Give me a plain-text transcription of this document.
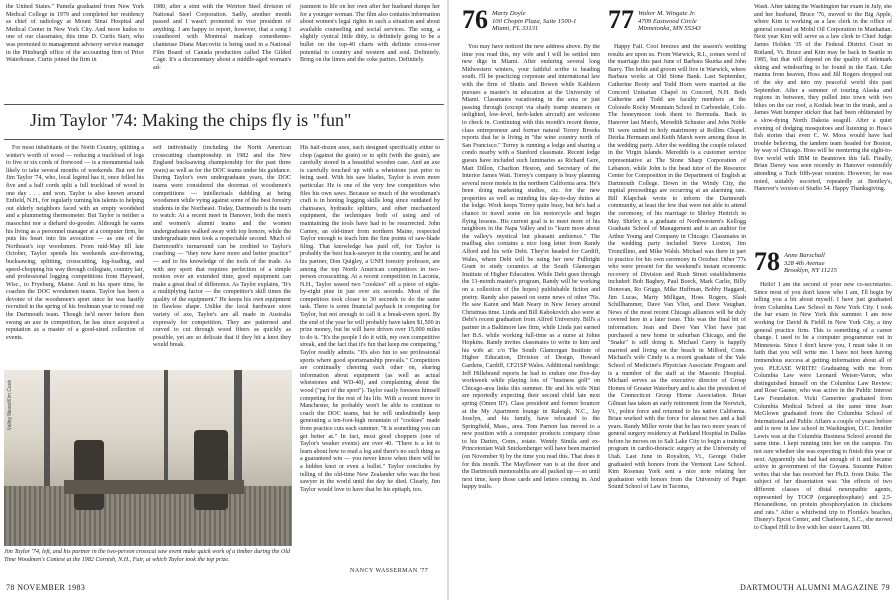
the United States." Pamela graduated from New York Medical College in 1979 and completed her residency as chief of radiology at Mount Sinai Hospital and Medical Center in New York City. And more kudos to one of our classmates, this time D. Curtis Starr, who was promoted to management advisory service manager in the Pittsburgh office of the accounting firm of Price Waterhouse. Curtis joined the firm in

1980, after a stint with the Weirton Steel division of National Steel Corporation. Sadly, another month passed and I wasn't promoted to vice president of anything. I am happy to report, however, that a song I coauthored with Montreal madcap comedienne-chanteuse Diana Marcovitz is being used in a National Film Board of Canada production called The Gilded Cage. It's a documentary about a middle-aged woman's ad-

justment to life on her own after her husband dumps her for a younger woman. The film also contains information about women's legal rights in such a situation and about available counseling and social services. The song, a slightly cynical little ditty, is definitely going to be a bullet on the top-40 charts with definite cross-over potential to country and western and soul. Definitely. Bring on the limos and the coke parties. Definitely.

Jim Taylor '74: Making the chips fly is "fun"

For most inhabitants of the North Country, splitting a winter's worth of wood — reducing a trackload of logs to five or six cords of firewood — is a monumental task likely to take several months of weekends. But not for Jim Taylor '74, who, local legend has it, once felled his five and a half cords split a full truckload of wood in one day . . . and won. Taylor is also known around Enfield, N.H., for regularly turning his talents to helping out elderly neighbors faced with an empty woodshed and a plummeting thermometer. But Taylor is neither a masochist nor a diehard do-gooder. Although he earns his living as a personnel manager at a computer firm, he puts his heart into his avocation — as one of the Northeast's top woodsmen. From mid-May till late October, Taylor spends his weekends axe-throwing, bucksawing, splitting, crosscutting, log-loading, and speed-chopping his way through collegiate, country fair, and professional logging competitions from Hayward, Wisc., to Fryeburg, Maine. And in his spare time, he coaches the DOC woodsmen teams. Taylor has been a devotee of the woodsmen's sport since he was hastily recruited in the spring of his freshman year to round out the Dartmouth team. Though he'd never before then swung an axe in competition, he has since acquired a reputation as a master of a good-sized collection of events.

self individually (including the North American crosscutting championship in 1982 and the New England bucksawing championship for the past three years) as well as for the DOC teams under his guidance. During Taylor's own undergraduate years, the DOC teams were considered the doormat of woodsmen's competitions — intellectuals dabbling at being woodsmen while vying against some of the best forestry students in the Northeast. Today, Dartmouth is the team to watch: At a recent meet in Hanover, both the men's and women's alumni teams and the women undergraduates walked away with top honors, while the undergraduate men took a respectable second. Much of Dartmouth's turnaround can be credited to Taylor's coaching — "they now have more and better practice" — and to his knowledge of the tools of the trade. As with any sport that requires perfection of a simple motion over an extended time, good equipment can make a great deal of difference. As Taylor explains, "It's a multiplying factor — the competitor's skill times the quality of the equipment." He keeps his own equipment in flawless shape. Unlike the local hardware store variety of axe, Taylor's are all made in Australia expressly for competition. They are patterned and curved to cut through wood fibers as quickly as possible, yet are so delicate that if they hit a knot they would break.

His half-dozen axes, each designed specifically either to chop (against the grain) or to split (with the grain), are carefully stored in a beautiful wooden case. And an axe is carefully touched up with a whetstone just prior to being used. With his saw blades, Taylor is even more particular. He is one of the very few competitors who files his own saws. Because so much of the woodsman's craft is in honing logging skills long since outdated by chainsaws, hydraulic splitters, and other mechanized equipment, the techniques both of using and of maintaining the tools have had to be resurrected. John Carney, an old-timer from northern Maine, respected Taylor enough to teach him the fine points of saw-blade filing. That knowledge has paid off, for Taylor is probably the best buck-sawyer in the country, and he and his partner, Don Quigley, a UNH forestry professor, are among the top North American competitors in two-person crosscutting. At a recent competition in Laconia, N.H., Taylor sawed two "cookies" off a piece of eight-by-eight pine in just over six seconds. Most of the competitors took closer to 30 seconds to do the same task. There is some financial payback in competing for Taylor, but not enough to call it a break-even sport. By the end of the year he will probably have taken $1,500 in prize money, but he will have driven over 15,000 miles to do it. "It's the people I do it with, my own competitive streak, and the fact that it's fun that keep me competing," Taylor readily admits. "It's also fun to see professional sports where good sportsmanship prevails." Competitors are continually cheering each other on, sharing information about equipment (as well as actual whetstones and WD-40), and complaining about the wood ("part of the sport"). Taylor easily foresees himself competing for the rest of his life. With a recent move to Manchester, he probably won't be able to continue to coach the DOC teams, but he will undoubtedly keep generating a ten-foot-high mountain of "cookies" made from practice cuts each summer. "It is something you can get better at." In fact, most good choppers (one of Taylor's weaker events) are over 40. "There is a lot to learn about how to read a log and there's no such thing as a guaranteed win — you never know when there will be a hidden knot or even a bullet." Taylor concludes by telling of the old-time New Zealander who was the best sawyer in the world until the day he died. Clearly, Jim Taylor would love to have that be his epitaph, too.

Valley News/Kim Cook
Jim Taylor '74, left, and his partner in the two-person crosscut saw event make quick work of a timber during the Old Time Woodmen's Contest at the 1982 Cornish, N.H., Fair, at which Taylor took the top prize.
NANCY WASSERMAN '77
78 NOVEMBER 1983
76 Marty Doyle
100 Chopin Plaza, Suite 1500-1
Miami, FL 33131

You may have noticed the new address above. By the time you read this, my wife and I will be settled into new digs in Miami. After enduring several long Midwestern winters, your faithful scribe is heading south. I'll be practicing corporate and international law with the firm of Shutts and Bowen while Kathleen pursues a master's in education at the University of Miami. Classmates vacationing in the area or just passing through (except via shady tramp steamers or unlighted, low-level, herb-laden aircraft) are welcome to check in. Continuing with this month's recent theme, class entrepreneur and former natural Torrey Brooks reports that he is living in "the wine country north of San Francisco." Torrey is running a lodge and sharing a condo nearby with a Stanford classmate. Recent lodge guests have included such luminaries as Richard Gere, Matt Dillon, Charlton Heston, and Secretary of the Interior James Watt. Torrey's company is busy planning several more motels in the northern California area. He's been doing marketing studies, etc. for the new properties as well as minding his day-to-day duties at the lodge. Work keeps Torrey quite busy, but he's had a chance to travel some on his motorcycle and begin flying lessons. His current goal is to meet more of his neighbors in the Napa Valley and to "learn more about the valley's mystical but pleasant ambience." The mailbag also contains a nice long letter from Randy Alford and his wife Debi. They're headed for Cardiff, Wales, where Debi will be using her new Fulbright Grant to study ceramics at the South Glamorgan Institute of Higher Education. While Debi goes through the 13-month master's program, Randy will be working on a collection of (he hopes) publishable fiction and poetry. Randy also passed on some news of other '76s. He saw Karen and Matt Neary in New Jersey around Christmas time. Linda and Bill Kabokovich also were at Debi's recent graduation from Alfred University. Bill's a partner in a Baltimore law firm, while Linda just earned her B.S. while working full-time as a nurse at Johns Hopkins. Randy invites classmates to write to him and his wife at: c/o The South Glamorgan Institute of Higher Education, Division of Design, Howard Gardens, Cardiff, CF21SP Wales. Additional ramblings: Jeff Hillebrand reports he had to endure one five-day workweek while playing lots of "business golf" on Chicago-area links this summer. He and his wife Nini are reportedly expecting their second child late next spring (Omen II?). Class president and former bouncer at the My Apartment lounge in Raleigh, N.C., Jay Joselyn, and his family, have relocated to the Springfield, Mass., area. Tom Parnon has moved to a new position with a computer products company close to his Darien, Conn., estate. Wendy Simila and ex-Princetonian Walt Snickenberger will have been married (on November 9) by the time you read this. That does it for this month. The Mayflower van is at the door and the Dartmouth memorabilia are all packed up — so until next time, keep those cards and letters coming in. And happy trails.

77 Walter M. Wingate Jr.
4709 Eastwood Circle
Minnetonka, MN 55343

Happy Fall. Cool breezes and the season's wedding results are upon us. From Warwick, R.I., comes word of the marriage this past June of Barbara Skurka and John Barry. The bride and groom will live in Warwick, where Barbara works at Old Stone Bank. Last September, Catherine Booty and Todd Horn were married at the Concord Unitarian Chapel in Concord, N.H. Both Catherine and Todd are faculty members at the Colorado Rocky Mountain School in Carbondale, Colo. The honeymoon took them to Bermuda. Back in Hanover last March, Meredith Schuster and John Noble '81 were united in holy matrimony at Rollins Chapel. Deirka Hermann and Keith Marsh were among those in the wedding party. After the wedding the couple relaxed in the Virgin Islands. Meredith is a customer service representative at The Stone Sharp Corporation of Lebanon, while John is the head tutor of the Resource Center for Composition in the Department of English at Dartmouth College. Down in the Windy City, the nuptial proceedings are occurring at an alarming rate. Bill Klapchak wrote to inform the Dartmouth community, at least the few that were not able to attend the ceremony, of his marriage to Shirley Hettrich in May. Shirley is a graduate of Northwestern's Kellogg Graduate School of Management and is an auditor for Arthur Young and Company in Chicago. Classmates in the wedding party included Steve Loxton, Jim Tronzillino, and Mike Walsh. Michael was there in part to practice for his own ceremony in October. Other '77s who were present for the weekend's instant economic recovery of Division and Rush Street establishments included: Bob Baghey, Paul Boeck, Mark Carlie, Billy Donovan, Ro Griggs, Mike Huffman, Bobby Haggard, Jim Lucas, Marty Milligan, Hoss Rogers, Slash Schillhammer, Dave Van Vliet, and Dave Vaughan. News of the most recent Chicago alliances will be duly covered here in a later issue. This was the final bit of information. Jean and Dave Van Vliet have just purchased a new home in suburban Chicago, and the "Snake" is still doing it. Michael Carey is happily married and living on the beach in Milford, Conn. Michael's wife Cindy is a recent graduate of the Yale School of Medicine's Physician Associate Program and is a member of the staff at the Masonic Hospital. Michael serves as the executive director of Group Homes of Greater Waterbury and is also the president of the Connecticut Group Home Association. Brian Gilman has taken an early retirement from the Norwich, Vt., police force and returned to his native California. Brian worked with the force for almost two and a half years. Randy Miller wrote that he has two more years of general surgery residency at Parkland Hospital in Dallas before he moves on to Salt Lake City to begin a training program in cardio-thoracic surgery at the University of Utah. Last June in Royalton, Vt., George Ostler graduated with honors from the Vermont Law School. Kim Rosenau York sent a nice note relating her graduation with honors from the University of Puget Sound School of Law in Tacoma,

Wash. After taking the Washington bar exam in July, she and her husband, Bruce '76, moved to the Big Apple, where Kim is working as a law clerk in the office of general counsel at Mobil Oil Corporation in Manhattan. Next year Kim will serve as a law clerk to Chief Judge James Holden '35 of the Federal District Court in Rutland, Vt. Bruce and Kim may be back in Seattle in 1985, but that will depend on the quality of telemark skiing and windsurfing to be found in the East. Like manna from heaven, Hoss and Jill Rogers dropped out of the sky and into my peaceful world this past September. After a summer of touring Alaska and regions in between, they pulled into town with two bikes on the car roof, a Kodiak bear in the trunk, and a James Watt bumper sticker that had been obliterated by a slow-dying North Dakota seagull. After a quiet evening of dodging mosquitoes and listening to Hoss's fish stories that even C. W. Moss would have had trouble believing, the tandem team headed for Boston, by way of Chicago. Hoss will be reentering the eight-to-five world with IBM in Beantown this fall. Finally, Brian Davey was seen recently in Hanover ostensibly attending a Tuck fifth-year reunion. However, he was noted, suitably escorted, repeatedly at Bentley's, Hanover's version of Studio 54. Happy Thanksgiving.

78 Anne Barschall
328 4th Avenue
Brooklyn, NY 11215

Hello! I am the second of your new co-secretaries. Since most of you don't know who I am, I'll begin by telling you a bit about myself. I have just graduated from Columbia Law School in New York City. I took the bar exam in New York this summer. I am now working for David & Fieldl in New York City, a tiny general practice firm. This is something of a career change. I used to be a computer programmer out in Minnesota. Since I don't know you, I must take it on faith that you will write me. I have not been having tremendous success at getting information about all of you. PLEASE WRITE! Graduating with me from Columbia Law were Leonard Weiser-Varon, who distinguished himself on the Columbia Law Review; and Rose Gasner, who was active in the Public Interest Law Foundation. Vicki Camerino graduated from Columbia Medical School at the same time Joan McGlown graduated from the Columbia School of International and Public Affairs a couple of years before and is now in law school in Washington, D.C. Jennifer Lewis was at the Columbia Business School around the same time. I kept running into her on the campus. I'm not sure whether she was expecting to finish this year or next. Apparently she had had enough of it and became active in government of the Guyana. Suzanne Patton writes that she has received her Ph.D. from Duke. The subject of her dissertation was "the effects of two different classes of distal neuropathic agents, represented by TOCP (organophosphate) and 2,5-Hexanedione, on protein phosphorylation in chickens and rats." After a whirlwind trip to Florida's beaches, Disney's Epcot Center, and Charleston, S.C., she moved to Chapel Hill to live with her sister Lauren '80.

DARTMOUTH ALUMNI MAGAZINE 79
